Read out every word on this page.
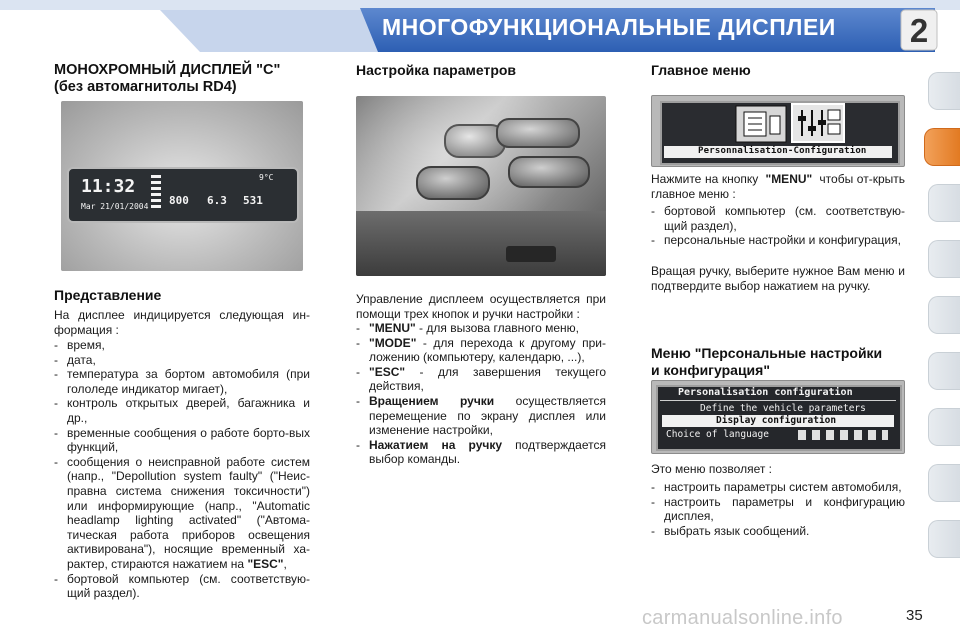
МНОГОФУНКЦИОНАЛЬНЫЕ ДИСПЛЕИ 2
МОНОХРОМНЫЙ ДИСПЛЕЙ "C"
(без автомагнитолы RD4)
11:32
Mar 21/01/2004 800 6.3 531
9°C
Представление
На дисплее индицируется следующая ин-формация :
- время,
- дата,
- температура за бортом автомобиля (при гололеде индикатор мигает),
- контроль открытых дверей, багажника и др.,
- временные сообщения о работе борто-вых функций,
- сообщения о неисправной работе систем (напр., "Depollution system faulty" ("Неис-правна система снижения токсичности") или информирующие (напр., "Automatic headlamp lighting activated" ("Автома-тическая работа приборов освещения активирована"), носящие временный ха-рактер, стираются нажатием на "ESC",
- бортовой компьютер (см. соответствую-щий раздел).
Настройка параметров
Управление дисплеем осуществляется при помощи трех кнопок и ручки настройки :
- "MENU" - для вызова главного меню,
- "MODE" - для перехода к другому при-ложению (компьютеру, календарю, ...),
- "ESC" - для завершения текущего действия,
- Вращением ручки осуществляется перемещение по экрану дисплея или изменение настройки,
- Нажатием на ручку подтверждается выбор команды.
Главное меню
Personnalisation-Configuration
Нажмите на кнопку "MENU" чтобы от-крыть главное меню :
- бортовой компьютер (см. соответствую-щий раздел),
- персональные настройки и конфигурация,
Вращая ручку, выберите нужное Вам меню и подтвердите выбор нажатием на ручку.
Меню "Персональные настройки
и конфигурация"
Personalisation configuration
Define the vehicle parameters
Display configuration
Choice of language
Это меню позволяет :
- настроить параметры систем автомобиля,
- настроить параметры и конфигурацию дисплея,
- выбрать язык сообщений.
carmanualsonline.info	35
